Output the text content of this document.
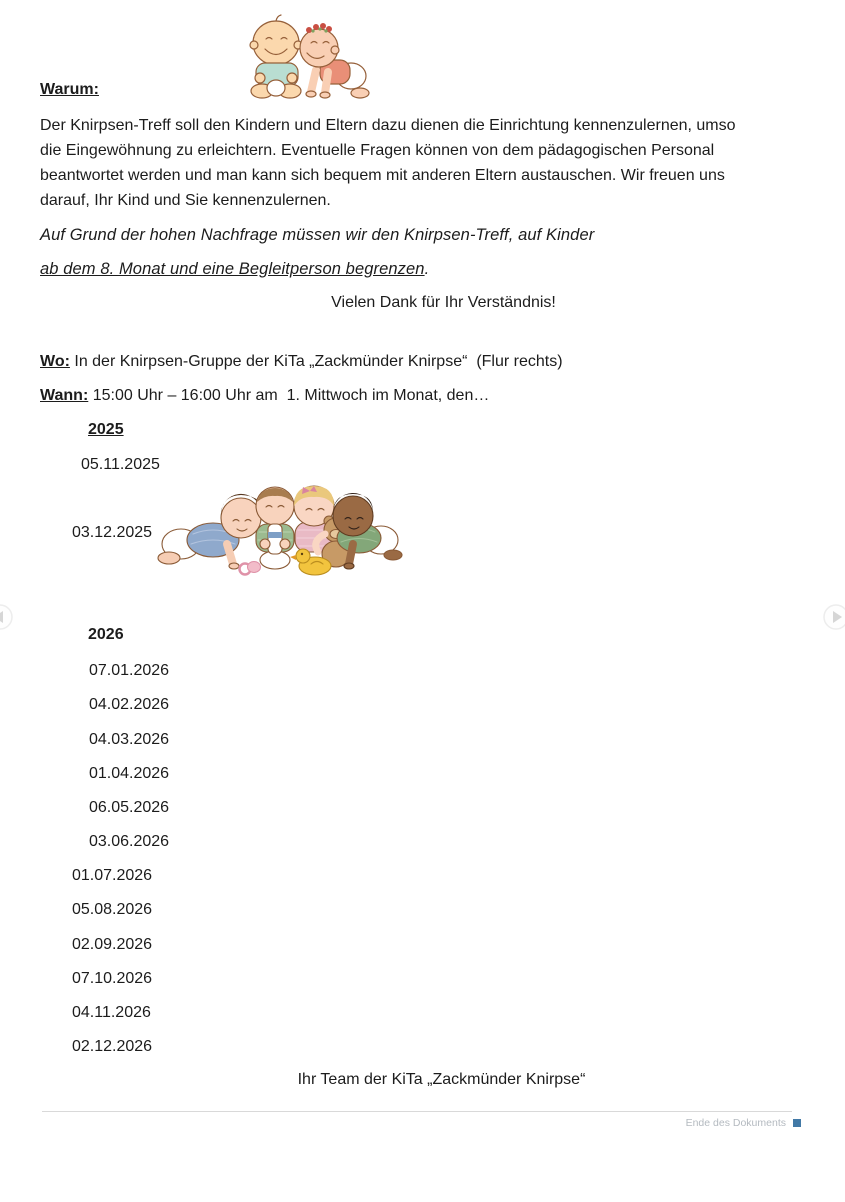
Warum:
Der Knirpsen-Treff soll den Kindern und Eltern dazu dienen die Einrichtung kennenzulernen, umso
die Eingewöhnung zu erleichtern. Eventuelle Fragen können von dem pädagogischen Personal
beantwortet werden und man kann sich bequem mit anderen Eltern austauschen. Wir freuen uns
darauf, Ihr Kind und Sie kennenzulernen.
Auf Grund der hohen Nachfrage müssen wir den Knirpsen-Treff, auf Kinder
ab dem 8. Monat und eine Begleitperson begrenzen.
Vielen Dank für Ihr Verständnis!
Wo: In der Knirpsen-Gruppe der KiTa „Zackmünder Knirpse“  (Flur rechts)
Wann: 15:00 Uhr – 16:00 Uhr am  1. Mittwoch im Monat, den…
2025
05.11.2025
03.12.2025
2026
07.01.2026
04.02.2026
04.03.2026
01.04.2026
06.05.2026
03.06.2026
01.07.2026
05.08.2026
02.09.2026
07.10.2026
04.11.2026
02.12.2026
Ihr Team der KiTa „Zackmünder Knirpse“
Ende des Dokuments
